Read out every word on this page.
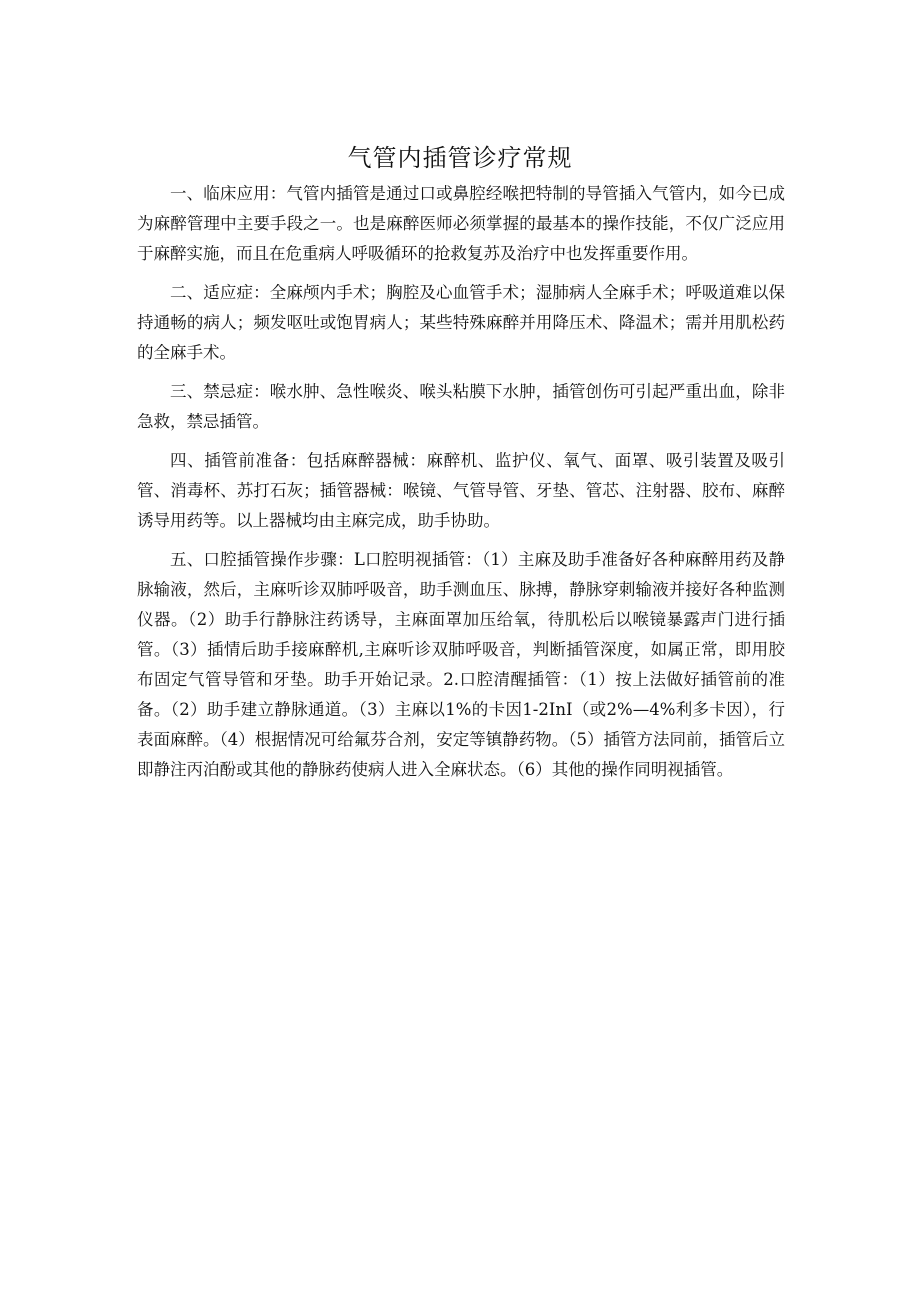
气管内插管诊疗常规

一、临床应用：气管内插管是通过口或鼻腔经喉把特制的导管插入气管内，如今已成为麻醉管理中主要手段之一。也是麻醉医师必须掌握的最基本的操作技能，不仅广泛应用于麻醉实施，而且在危重病人呼吸循环的抢救复苏及治疗中也发挥重要作用。

二、适应症：全麻颅内手术；胸腔及心血管手术；湿肺病人全麻手术；呼吸道难以保持通畅的病人；频发呕吐或饱胃病人；某些特殊麻醉并用降压术、降温术；需并用肌松药的全麻手术。

三、禁忌症：喉水肿、急性喉炎、喉头粘膜下水肿，插管创伤可引起严重出血，除非急救，禁忌插管。

四、插管前准备：包括麻醉器械：麻醉机、监护仪、氧气、面罩、吸引装置及吸引管、消毒杯、苏打石灰；插管器械：喉镜、气管导管、牙垫、管芯、注射器、胶布、麻醉诱导用药等。以上器械均由主麻完成，助手协助。

五、口腔插管操作步骤：L口腔明视插管：（1）主麻及助手准备好各种麻醉用药及静脉输液，然后，主麻听诊双肺呼吸音，助手测血压、脉搏，静脉穿刺输液并接好各种监测仪器。（2）助手行静脉注药诱导，主麻面罩加压给氧，待肌松后以喉镜暴露声门进行插管。（3）插情后助手接麻醉机,主麻听诊双肺呼吸音，判断插管深度，如属正常，即用胶布固定气管导管和牙垫。助手开始记录。2.口腔清醒插管：（1）按上法做好插管前的准备。（2）助手建立静脉通道。（3）主麻以1%的卡因1-2InI（或2%—4%利多卡因），行表面麻醉。（4）根据情况可给氟芬合剂，安定等镇静药物。（5）插管方法同前，插管后立即静注丙泊酚或其他的静脉药使病人进入全麻状态。（6）其他的操作同明视插管。
